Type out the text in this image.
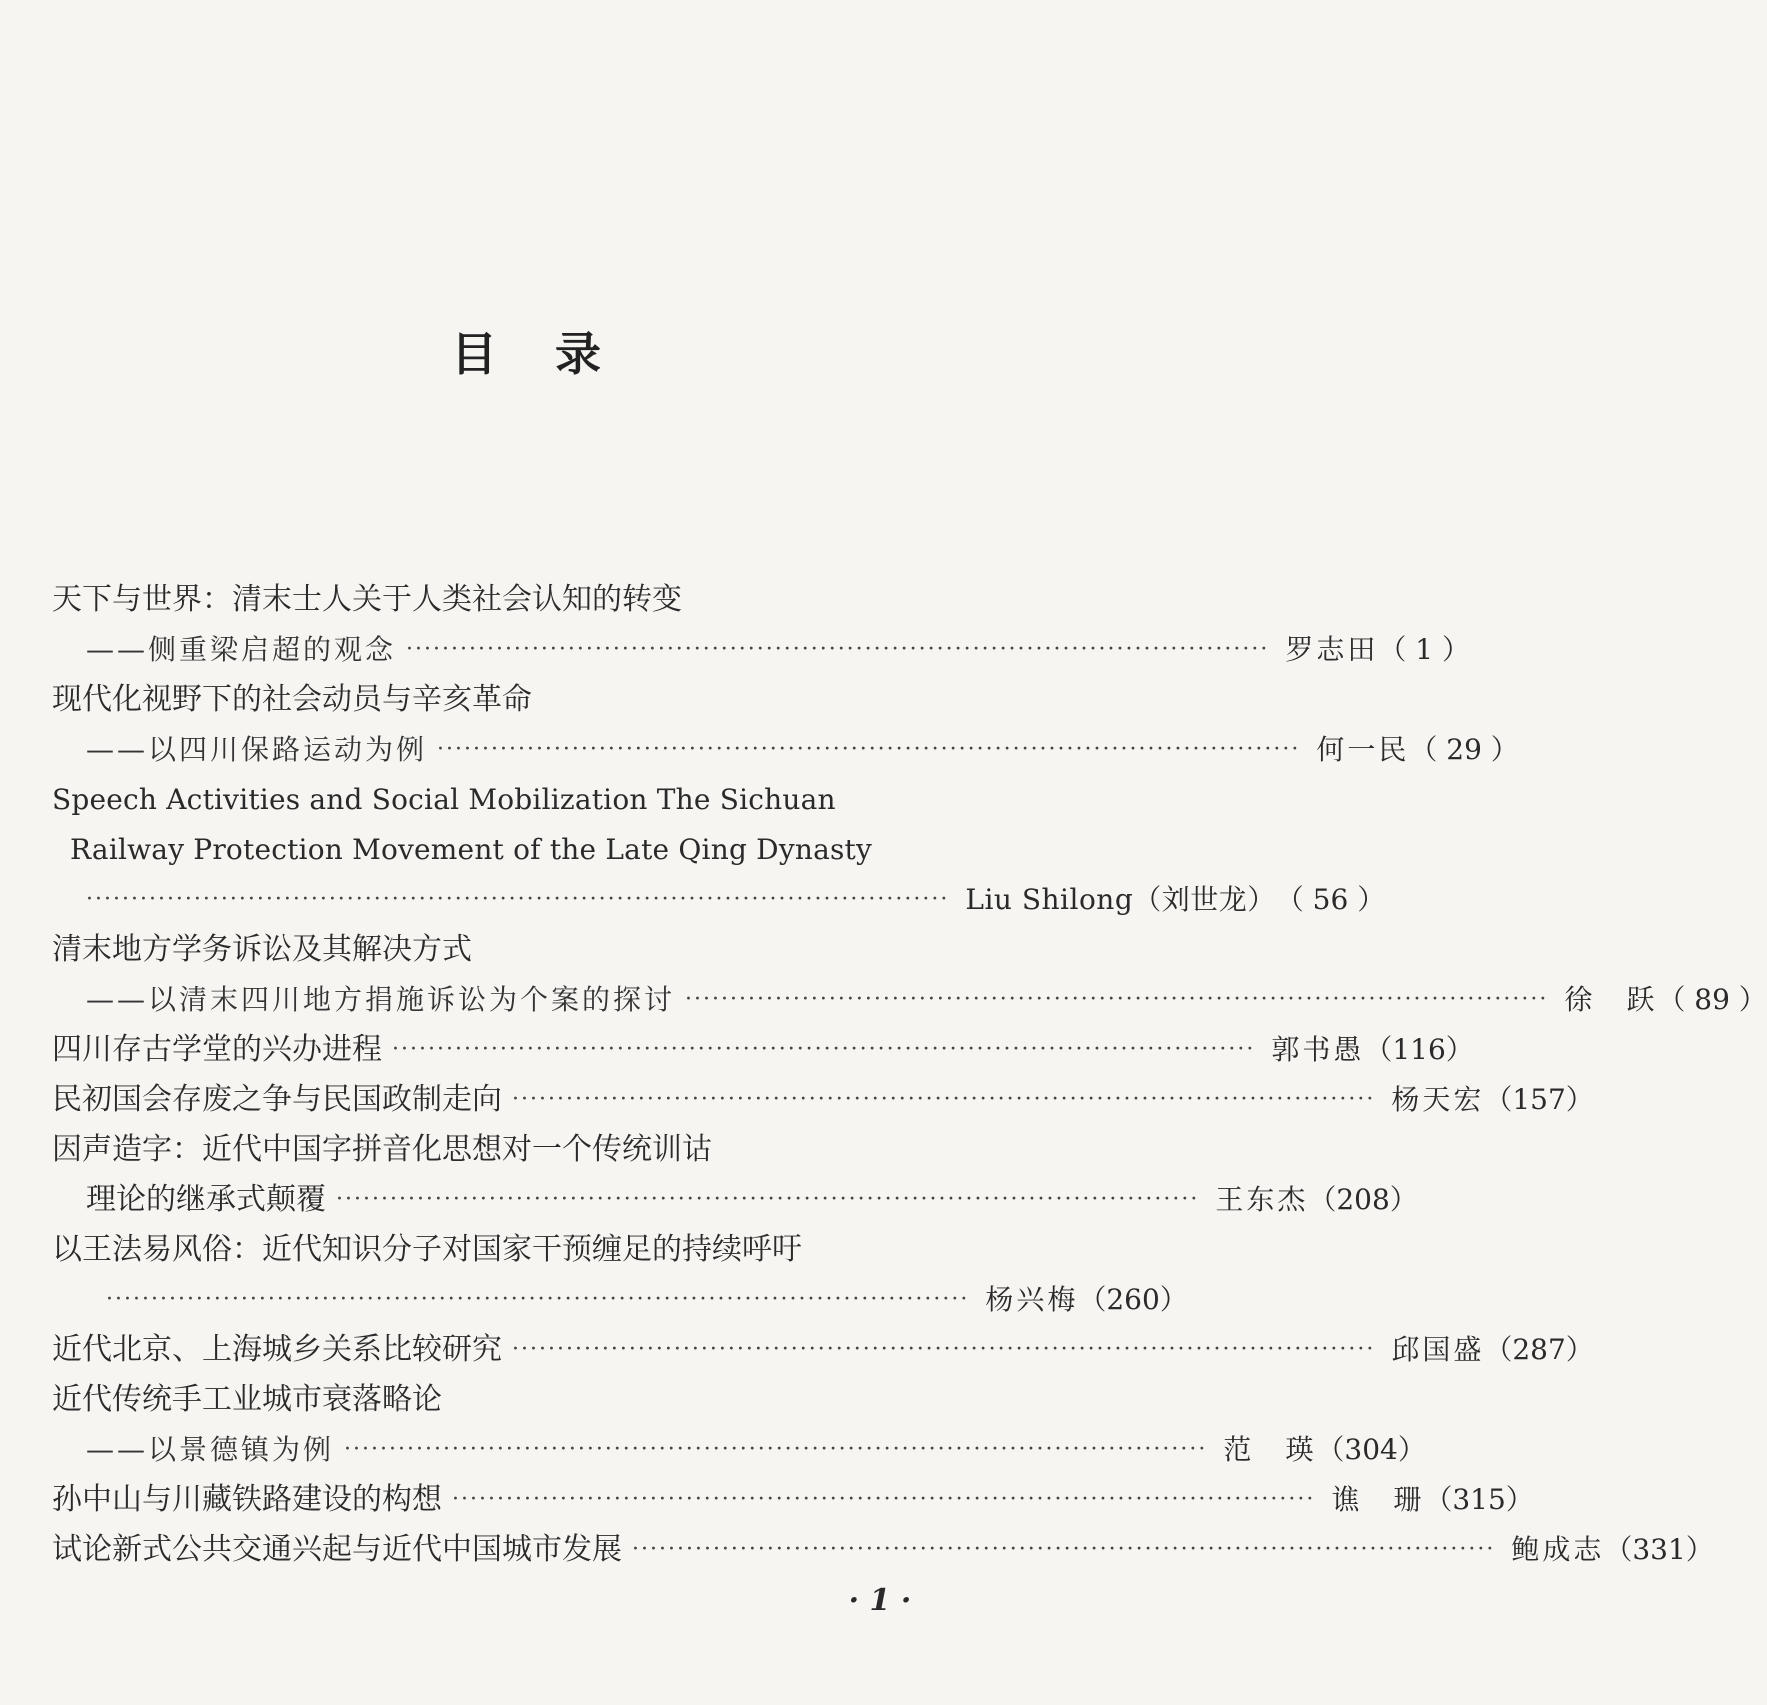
目　录
天下与世界：清末士人关于人类社会认知的转变
——侧重梁启超的观念 ································································································ 罗志田 （ 1 ）
现代化视野下的社会动员与辛亥革命
——以四川保路运动为例 ································································································ 何一民 （ 29 ）
Speech Activities and Social Mobilization The Sichuan
Railway Protection Movement of the Late Qing Dynasty
································································································ Liu Shilong（刘世龙） （ 56 ）
清末地方学务诉讼及其解决方式
——以清末四川地方捐施诉讼为个案的探讨 ································································································ 徐　跃 （ 89 ）
四川存古学堂的兴办进程 ································································································ 郭书愚 （116）
民初国会存废之争与民国政制走向 ································································································ 杨天宏 （157）
因声造字：近代中国字拼音化思想对一个传统训诂
理论的继承式颠覆 ································································································ 王东杰 （208）
以王法易风俗：近代知识分子对国家干预缠足的持续呼吁
································································································ 杨兴梅 （260）
近代北京、上海城乡关系比较研究 ································································································ 邱国盛 （287）
近代传统手工业城市衰落略论
——以景德镇为例 ································································································ 范　瑛 （304）
孙中山与川藏铁路建设的构想 ································································································ 谯　珊 （315）
试论新式公共交通兴起与近代中国城市发展 ································································································ 鲍成志 （331）
· 1 ·
